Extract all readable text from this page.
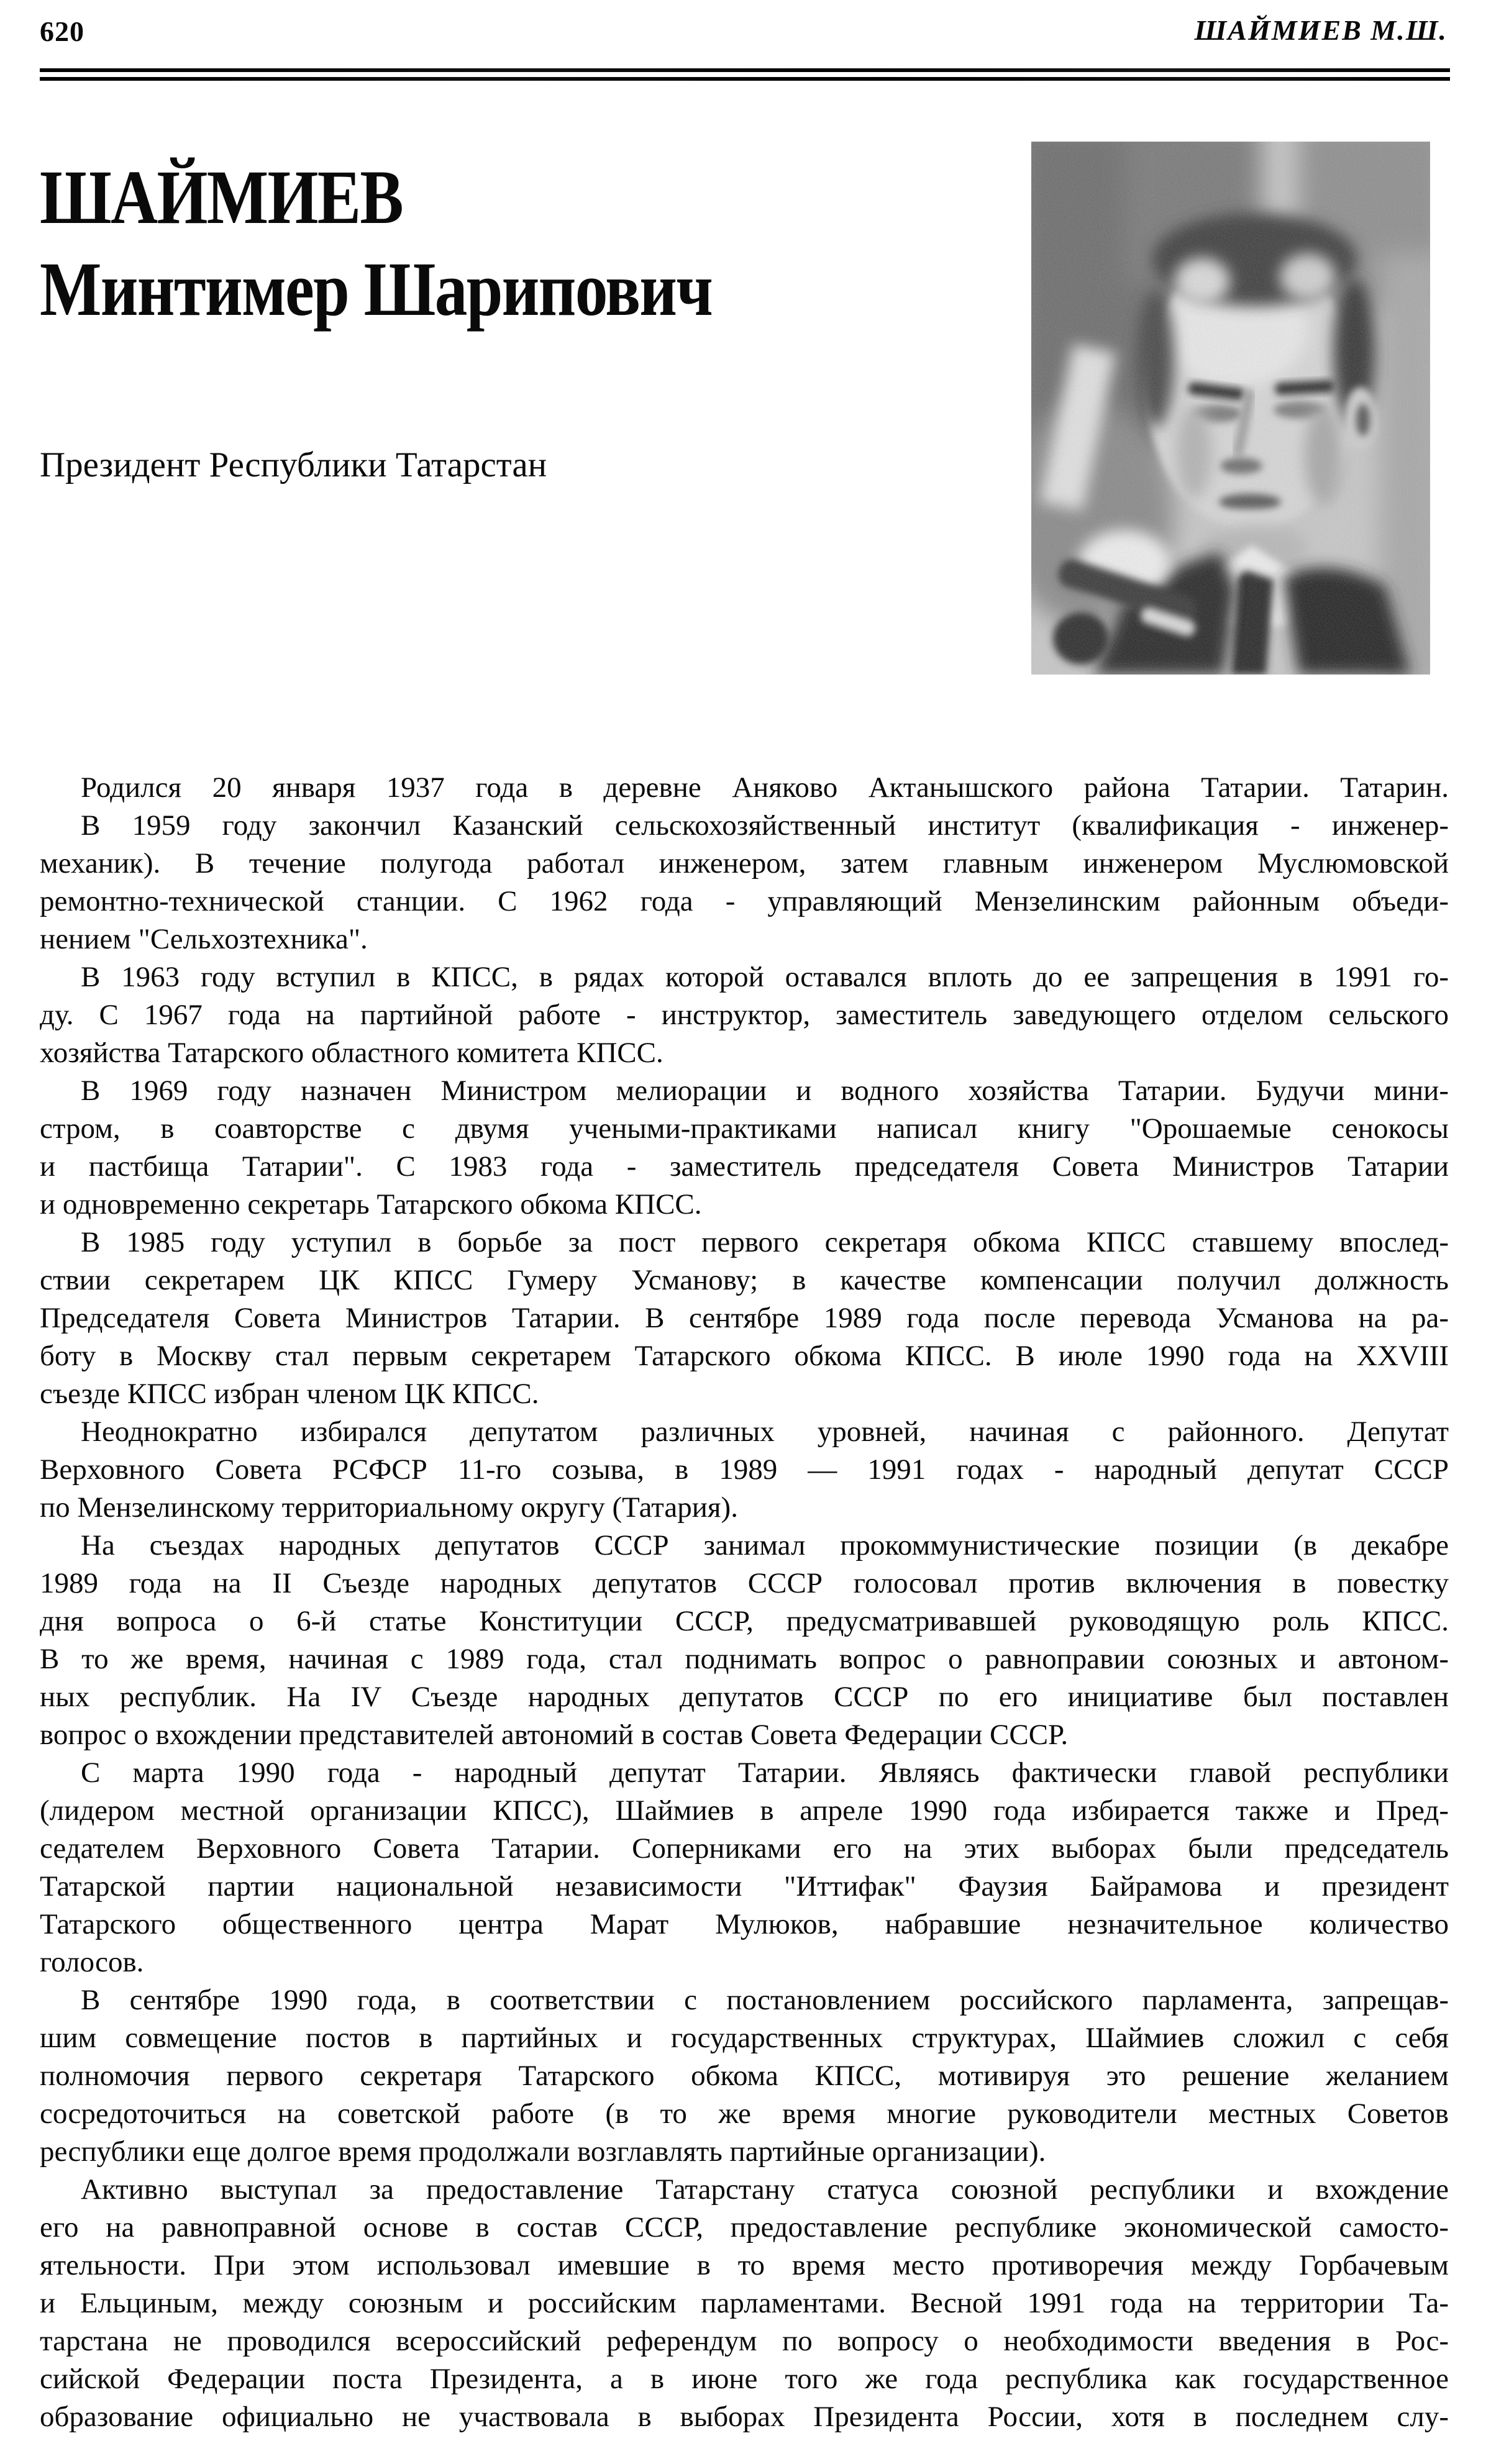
620	ШАЙМИЕВ М.Ш.
ШАЙМИЕВ
Минтимер Шарипович
Президент Республики Татарстан
Родился 20 января 1937 года в деревне Аняково Актанышского района Татарии. Татарин.
В 1959 году закончил Казанский сельскохозяйственный институт (квалификация - инженер-
механик). В течение полугода работал инженером, затем главным инженером Муслюмовской
ремонтно-технической станции. С 1962 года - управляющий Мензелинским районным объеди-
нением "Сельхозтехника".
В 1963 году вступил в КПСС, в рядах которой оставался вплоть до ее запрещения в 1991 го-
ду. С 1967 года на партийной работе - инструктор, заместитель заведующего отделом сельского
хозяйства Татарского областного комитета КПСС.
В 1969 году назначен Министром мелиорации и водного хозяйства Татарии. Будучи мини-
стром, в соавторстве с двумя учеными-практиками написал книгу "Орошаемые сенокосы
и пастбища Татарии". С 1983 года - заместитель председателя Совета Министров Татарии
и одновременно секретарь Татарского обкома КПСС.
В 1985 году уступил в борьбе за пост первого секретаря обкома КПСС ставшему впослед-
ствии секретарем ЦК КПСС Гумеру Усманову; в качестве компенсации получил должность
Председателя Совета Министров Татарии. В сентябре 1989 года после перевода Усманова на ра-
боту в Москву стал первым секретарем Татарского обкома КПСС. В июле 1990 года на XXVIII
съезде КПСС избран членом ЦК КПСС.
Неоднократно избирался депутатом различных уровней, начиная с районного. Депутат
Верховного Совета РСФСР 11-го созыва, в 1989 — 1991 годах - народный депутат СССР
по Мензелинскому территориальному округу (Татария).
На съездах народных депутатов СССР занимал прокоммунистические позиции (в декабре
1989 года на II Съезде народных депутатов СССР голосовал против включения в повестку
дня вопроса о 6-й статье Конституции СССР, предусматривавшей руководящую роль КПСС.
В то же время, начиная с 1989 года, стал поднимать вопрос о равноправии союзных и автоном-
ных республик. На IV Съезде народных депутатов СССР по его инициативе был поставлен
вопрос о вхождении представителей автономий в состав Совета Федерации СССР.
С марта 1990 года - народный депутат Татарии. Являясь фактически главой республики
(лидером местной организации КПСС), Шаймиев в апреле 1990 года избирается также и Пред-
седателем Верховного Совета Татарии. Соперниками его на этих выборах были председатель
Татарской партии национальной независимости "Иттифак" Фаузия Байрамова и президент
Татарского общественного центра Марат Мулюков, набравшие незначительное количество
голосов.
В сентябре 1990 года, в соответствии с постановлением российского парламента, запрещав-
шим совмещение постов в партийных и государственных структурах, Шаймиев сложил с себя
полномочия первого секретаря Татарского обкома КПСС, мотивируя это решение желанием
сосредоточиться на советской работе (в то же время многие руководители местных Советов
республики еще долгое время продолжали возглавлять партийные организации).
Активно выступал за предоставление Татарстану статуса союзной республики и вхождение
его на равноправной основе в состав СССР, предоставление республике экономической самосто-
ятельности. При этом использовал имевшие в то время место противоречия между Горбачевым
и Ельциным, между союзным и российским парламентами. Весной 1991 года на территории Та-
тарстана не проводился всероссийский референдум по вопросу о необходимости введения в Рос-
сийской Федерации поста Президента, а в июне того же года республика как государственное
образование официально не участвовала в выборах Президента России, хотя в последнем слу-
